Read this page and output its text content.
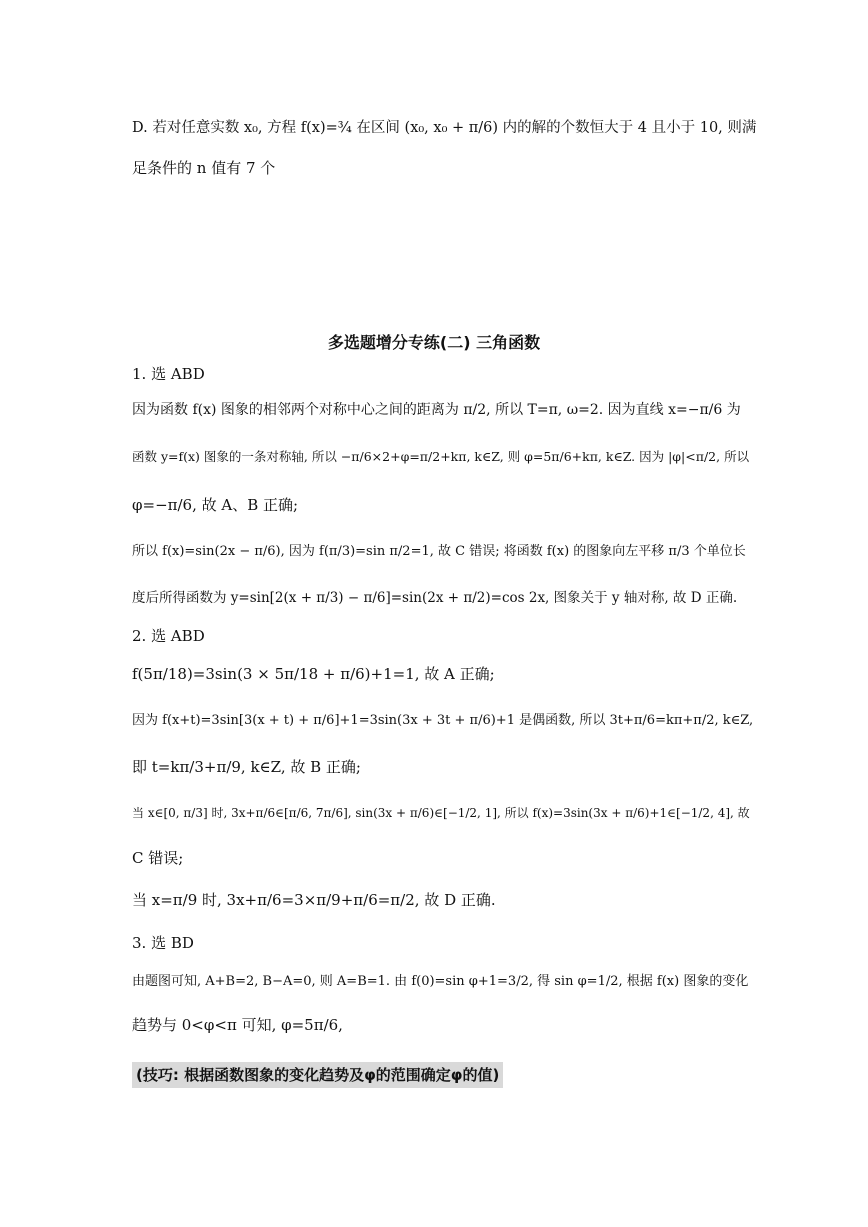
D. 若对任意实数 x₀, 方程 f(x)=¾ 在区间 (x₀, x₀ + π/6) 内的解的个数恒大于 4 且小于 10, 则满
足条件的 n 值有 7 个
多选题增分专练(二) 三角函数
1. 选 ABD
因为函数 f(x) 图象的相邻两个对称中心之间的距离为 π/2, 所以 T=π, ω=2. 因为直线 x=−π/6 为
函数 y=f(x) 图象的一条对称轴, 所以 −π/6×2+φ=π/2+kπ, k∈Z, 则 φ=5π/6+kπ, k∈Z. 因为 |φ|<π/2, 所以
φ=−π/6, 故 A、B 正确;
所以 f(x)=sin(2x − π/6), 因为 f(π/3)=sin π/2=1, 故 C 错误; 将函数 f(x) 的图象向左平移 π/3 个单位长
度后所得函数为 y=sin[2(x + π/3) − π/6]=sin(2x + π/2)=cos 2x, 图象关于 y 轴对称, 故 D 正确.
2. 选 ABD
f(5π/18)=3sin(3 × 5π/18 + π/6)+1=1, 故 A 正确;
因为 f(x+t)=3sin[3(x + t) + π/6]+1=3sin(3x + 3t + π/6)+1 是偶函数, 所以 3t+π/6=kπ+π/2, k∈Z,
即 t=kπ/3+π/9, k∈Z, 故 B 正确;
当 x∈[0, π/3] 时, 3x+π/6∈[π/6, 7π/6], sin(3x + π/6)∈[−1/2, 1], 所以 f(x)=3sin(3x + π/6)+1∈[−1/2, 4], 故
C 错误;
当 x=π/9 时, 3x+π/6=3×π/9+π/6=π/2, 故 D 正确.
3. 选 BD
由题图可知, A+B=2, B−A=0, 则 A=B=1. 由 f(0)=sin φ+1=3/2, 得 sin φ=1/2, 根据 f(x) 图象的变化
趋势与 0<φ<π 可知, φ=5π/6,
(技巧: 根据函数图象的变化趋势及φ的范围确定φ的值)
